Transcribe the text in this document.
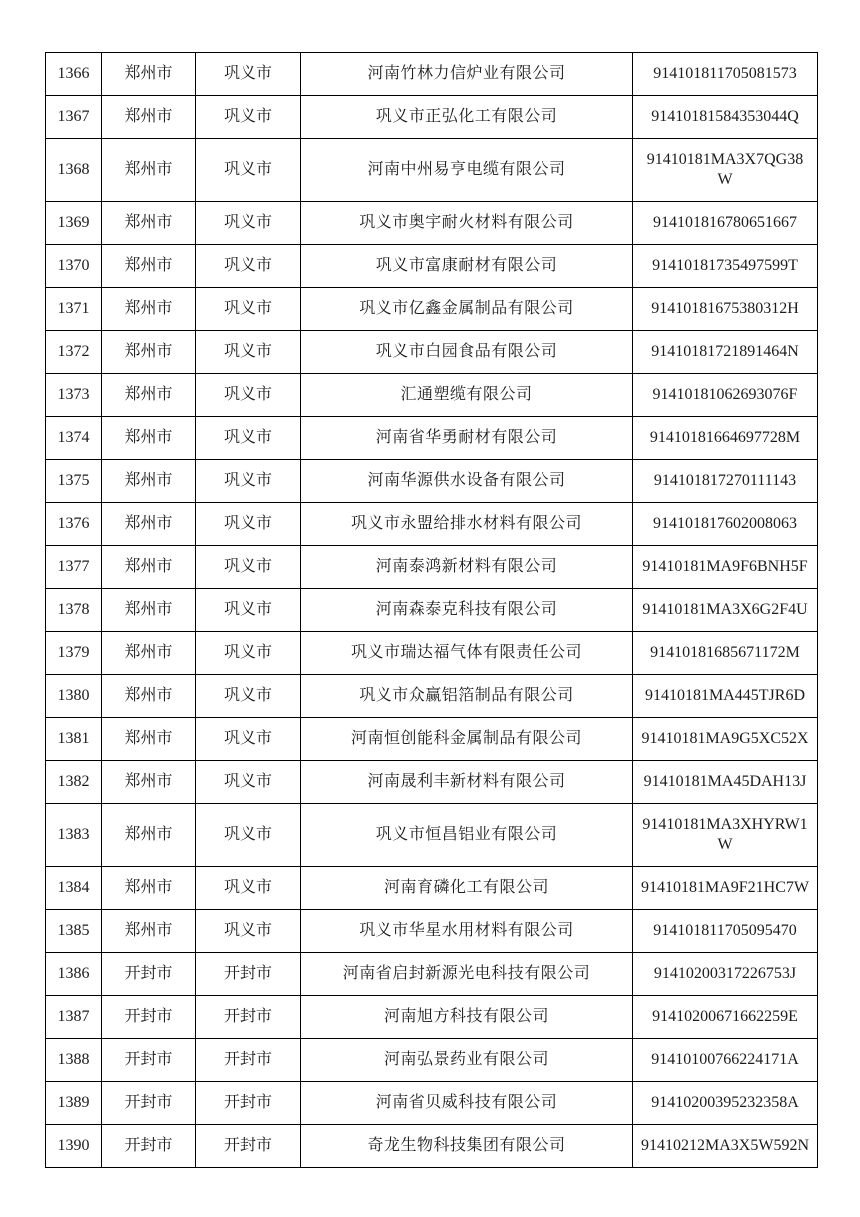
1366	郑州市	巩义市	河南竹林力信炉业有限公司	914101811705081573
1367	郑州市	巩义市	巩义市正弘化工有限公司	91410181584353044Q
1368	郑州市	巩义市	河南中州易亨电缆有限公司	91410181MA3X7QG38W
1369	郑州市	巩义市	巩义市奥宇耐火材料有限公司	914101816780651667
1370	郑州市	巩义市	巩义市富康耐材有限公司	91410181735497599T
1371	郑州市	巩义市	巩义市亿鑫金属制品有限公司	91410181675380312H
1372	郑州市	巩义市	巩义市白园食品有限公司	91410181721891464N
1373	郑州市	巩义市	汇通塑缆有限公司	91410181062693076F
1374	郑州市	巩义市	河南省华勇耐材有限公司	91410181664697728M
1375	郑州市	巩义市	河南华源供水设备有限公司	914101817270111143
1376	郑州市	巩义市	巩义市永盟给排水材料有限公司	914101817602008063
1377	郑州市	巩义市	河南泰鸿新材料有限公司	91410181MA9F6BNH5F
1378	郑州市	巩义市	河南森泰克科技有限公司	91410181MA3X6G2F4U
1379	郑州市	巩义市	巩义市瑞达福气体有限责任公司	91410181685671172M
1380	郑州市	巩义市	巩义市众赢铝箔制品有限公司	91410181MA445TJR6D
1381	郑州市	巩义市	河南恒创能科金属制品有限公司	91410181MA9G5XC52X
1382	郑州市	巩义市	河南晟利丰新材料有限公司	91410181MA45DAH13J
1383	郑州市	巩义市	巩义市恒昌铝业有限公司	91410181MA3XHYRW1W
1384	郑州市	巩义市	河南育磷化工有限公司	91410181MA9F21HC7W
1385	郑州市	巩义市	巩义市华星水用材料有限公司	914101811705095470
1386	开封市	开封市	河南省启封新源光电科技有限公司	91410200317226753J
1387	开封市	开封市	河南旭方科技有限公司	91410200671662259E
1388	开封市	开封市	河南弘景药业有限公司	91410100766224171A
1389	开封市	开封市	河南省贝威科技有限公司	91410200395232358A
1390	开封市	开封市	奇龙生物科技集团有限公司	91410212MA3X5W592N
